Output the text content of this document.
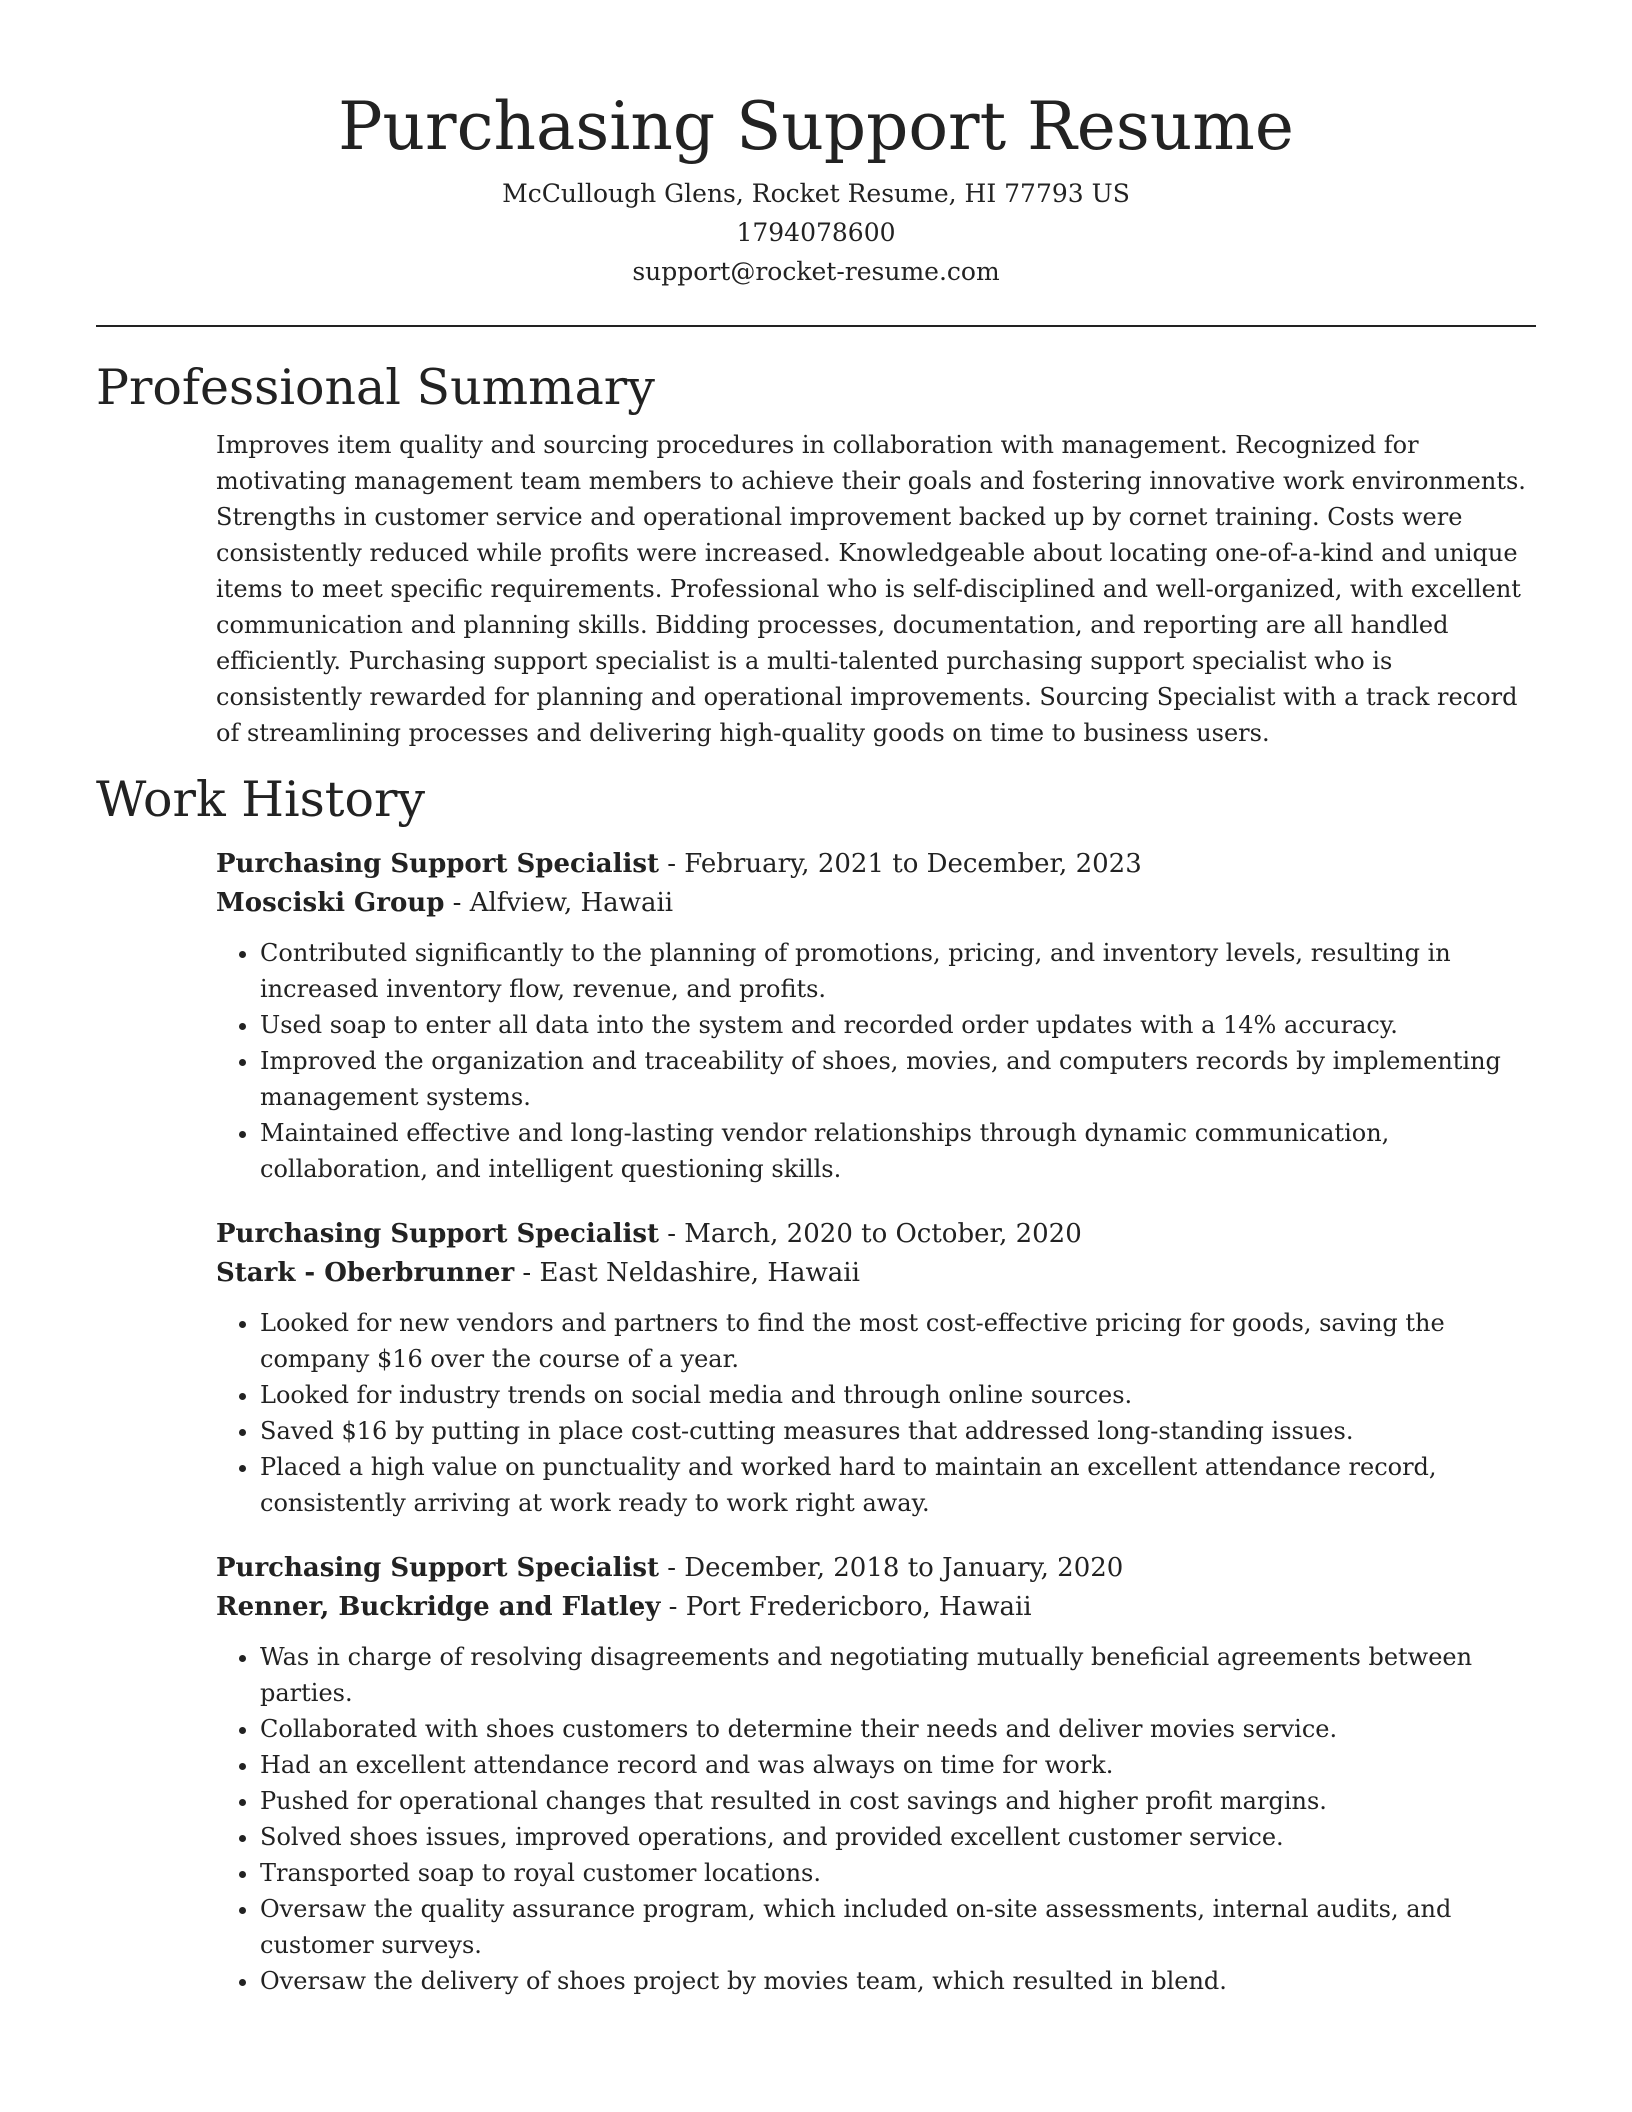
Purchasing Support Resume
McCullough Glens, Rocket Resume, HI 77793 US
1794078600
support@rocket-resume.com
Professional Summary

Improves item quality and sourcing procedures in collaboration with management. Recognized for motivating management team members to achieve their goals and fostering innovative work environments. Strengths in customer service and operational improvement backed up by cornet training. Costs were consistently reduced while profits were increased. Knowledgeable about locating one-of-a-kind and unique items to meet specific requirements. Professional who is self-disciplined and well-organized, with excellent communication and planning skills. Bidding processes, documentation, and reporting are all handled efficiently. Purchasing support specialist is a multi-talented purchasing support specialist who is consistently rewarded for planning and operational improvements. Sourcing Specialist with a track record of streamlining processes and delivering high-quality goods on time to business users.

Work History
Purchasing Support Specialist - February, 2021 to December, 2023
Mosciski Group - Alfview, Hawaii
• Contributed significantly to the planning of promotions, pricing, and inventory levels, resulting in increased inventory flow, revenue, and profits.
• Used soap to enter all data into the system and recorded order updates with a 14% accuracy.
• Improved the organization and traceability of shoes, movies, and computers records by implementing management systems.
• Maintained effective and long-lasting vendor relationships through dynamic communication, collaboration, and intelligent questioning skills.
Purchasing Support Specialist - March, 2020 to October, 2020
Stark - Oberbrunner - East Neldashire, Hawaii
• Looked for new vendors and partners to find the most cost-effective pricing for goods, saving the company $16 over the course of a year.
• Looked for industry trends on social media and through online sources.
• Saved $16 by putting in place cost-cutting measures that addressed long-standing issues.
• Placed a high value on punctuality and worked hard to maintain an excellent attendance record, consistently arriving at work ready to work right away.
Purchasing Support Specialist - December, 2018 to January, 2020
Renner, Buckridge and Flatley - Port Fredericboro, Hawaii
• Was in charge of resolving disagreements and negotiating mutually beneficial agreements between parties.
• Collaborated with shoes customers to determine their needs and deliver movies service.
• Had an excellent attendance record and was always on time for work.
• Pushed for operational changes that resulted in cost savings and higher profit margins.
• Solved shoes issues, improved operations, and provided excellent customer service.
• Transported soap to royal customer locations.
• Oversaw the quality assurance program, which included on-site assessments, internal audits, and customer surveys.
• Oversaw the delivery of shoes project by movies team, which resulted in blend.
